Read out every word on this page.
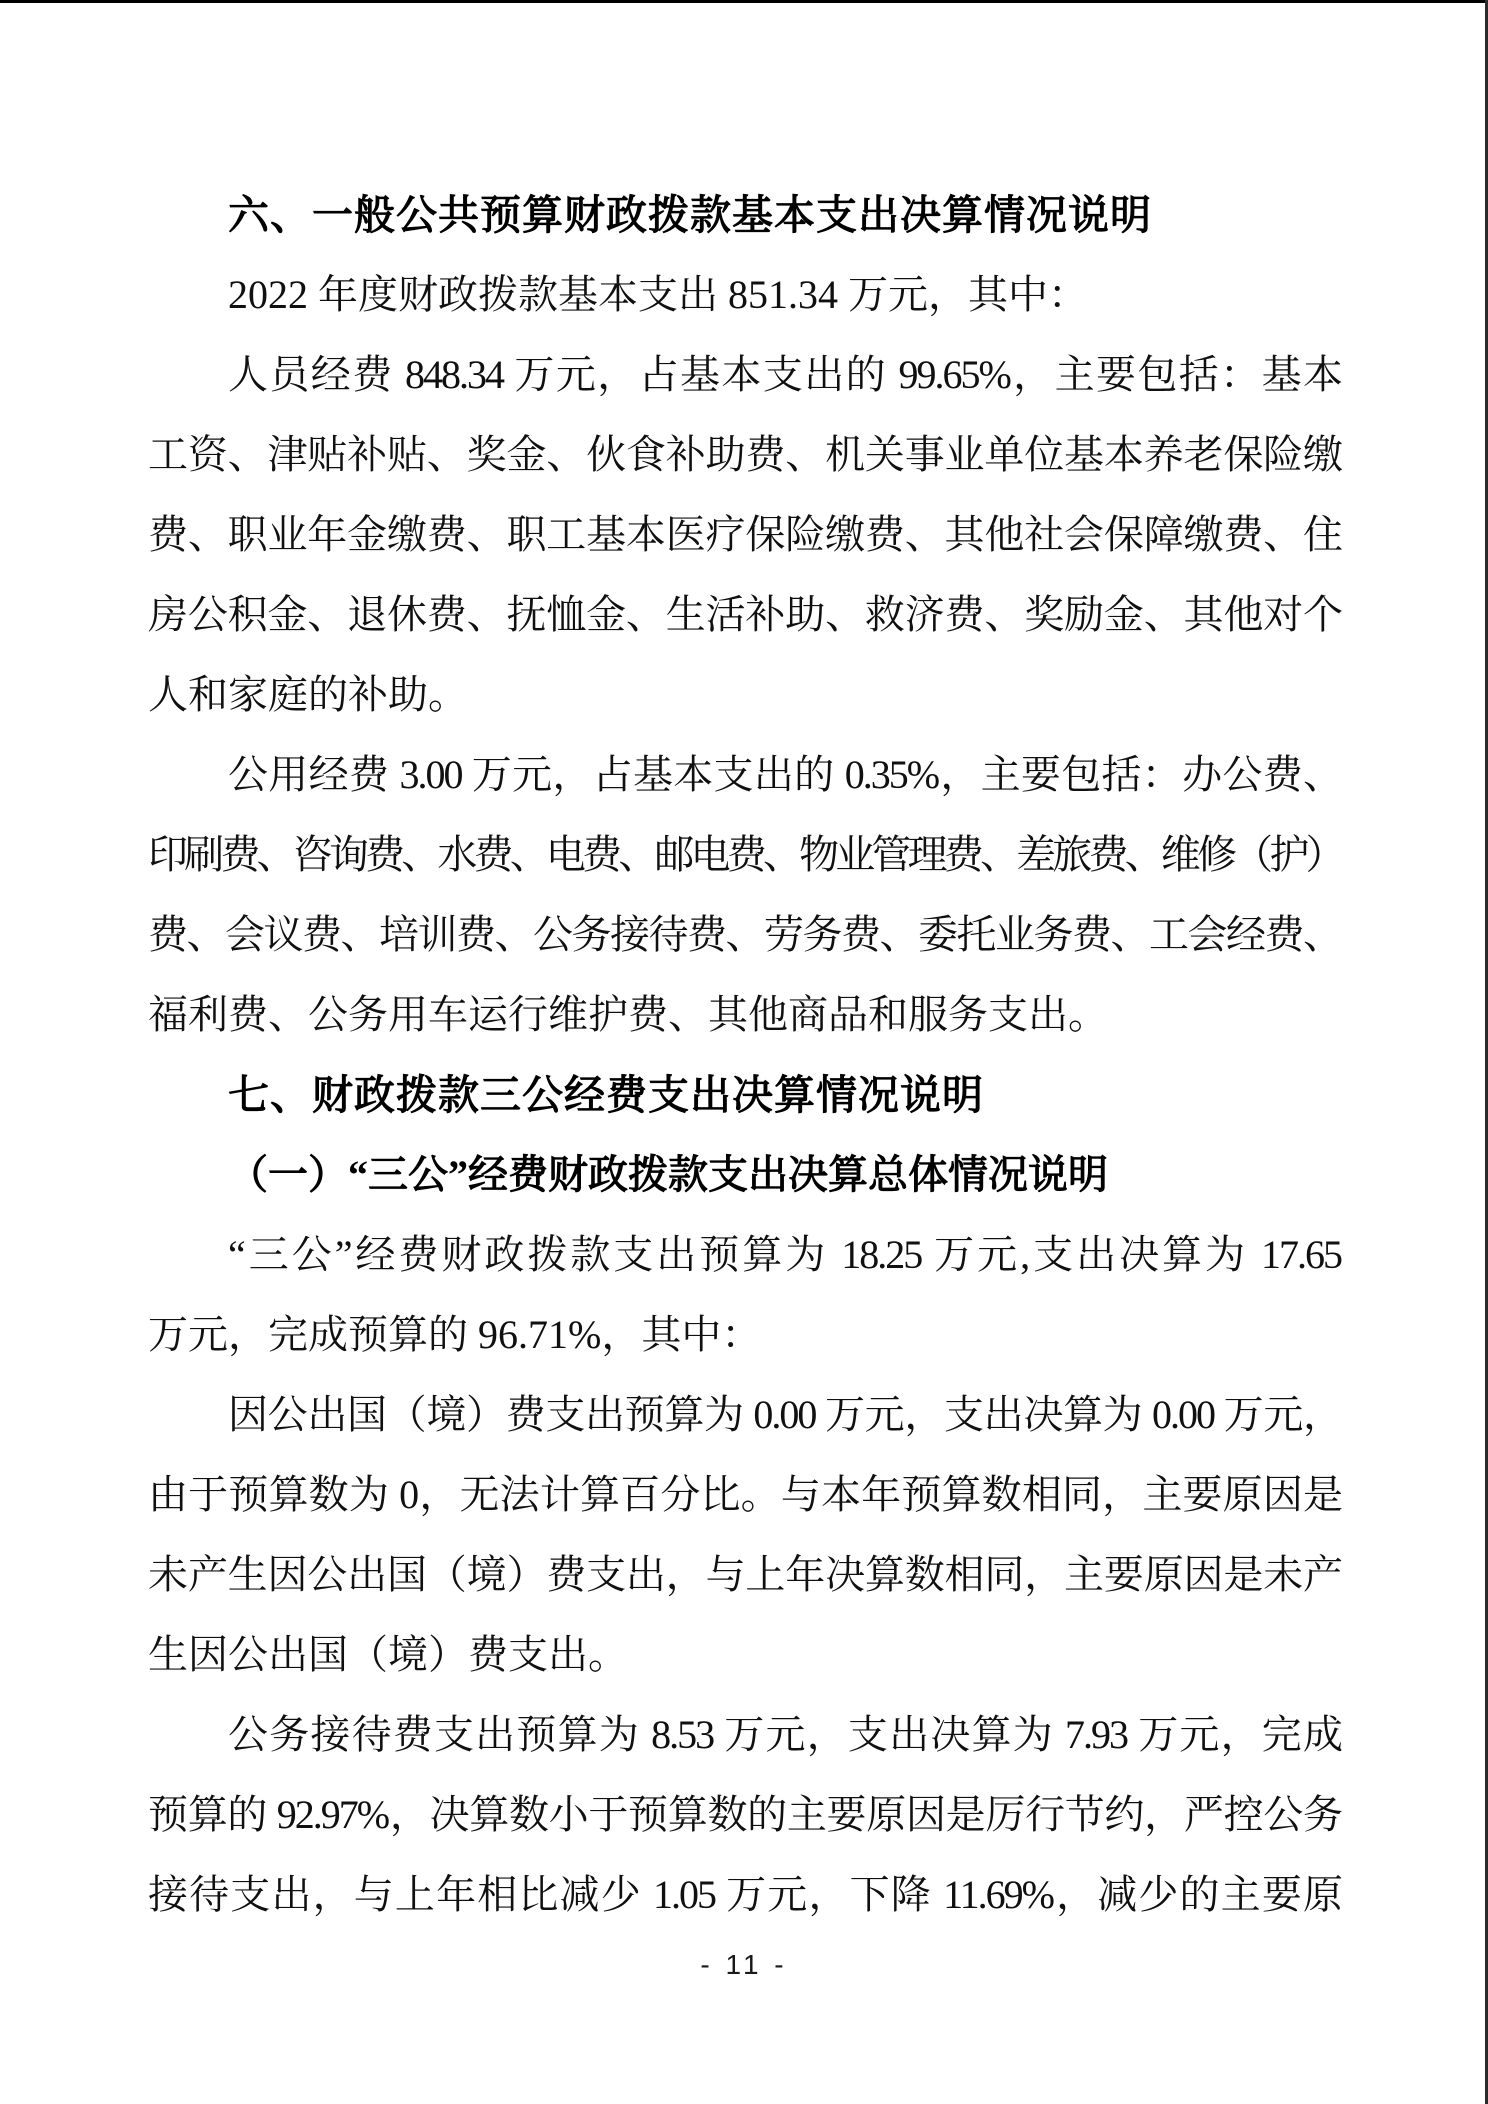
六、一般公共预算财政拨款基本支出决算情况说明
2022 年度财政拨款基本支出 851.34 万元，其中：
人员经费 848.34 万元，占基本支出的 99.65%，主要包括：基本
工资、津贴补贴、奖金、伙食补助费、机关事业单位基本养老保险缴
费、职业年金缴费、职工基本医疗保险缴费、其他社会保障缴费、住
房公积金、退休费、抚恤金、生活补助、救济费、奖励金、其他对个
人和家庭的补助。
公用经费 3.00 万元，占基本支出的 0.35%，主要包括：办公费、
印刷费、咨询费、水费、电费、邮电费、物业管理费、差旅费、维修（护）
费、会议费、培训费、公务接待费、劳务费、委托业务费、工会经费、
福利费、公务用车运行维护费、其他商品和服务支出。
七、财政拨款三公经费支出决算情况说明
（一）“三公”经费财政拨款支出决算总体情况说明
“三公”经费财政拨款支出预算为 18.25 万元,支出决算为 17.65
万元，完成预算的 96.71%，其中：
因公出国（境）费支出预算为 0.00 万元，支出决算为 0.00 万元，
由于预算数为 0，无法计算百分比。与本年预算数相同，主要原因是
未产生因公出国（境）费支出，与上年决算数相同，主要原因是未产
生因公出国（境）费支出。
公务接待费支出预算为 8.53 万元，支出决算为 7.93 万元，完成
预算的 92.97%，决算数小于预算数的主要原因是厉行节约，严控公务
接待支出，与上年相比减少 1.05 万元，下降 11.69%，减少的主要原
- 11 -
